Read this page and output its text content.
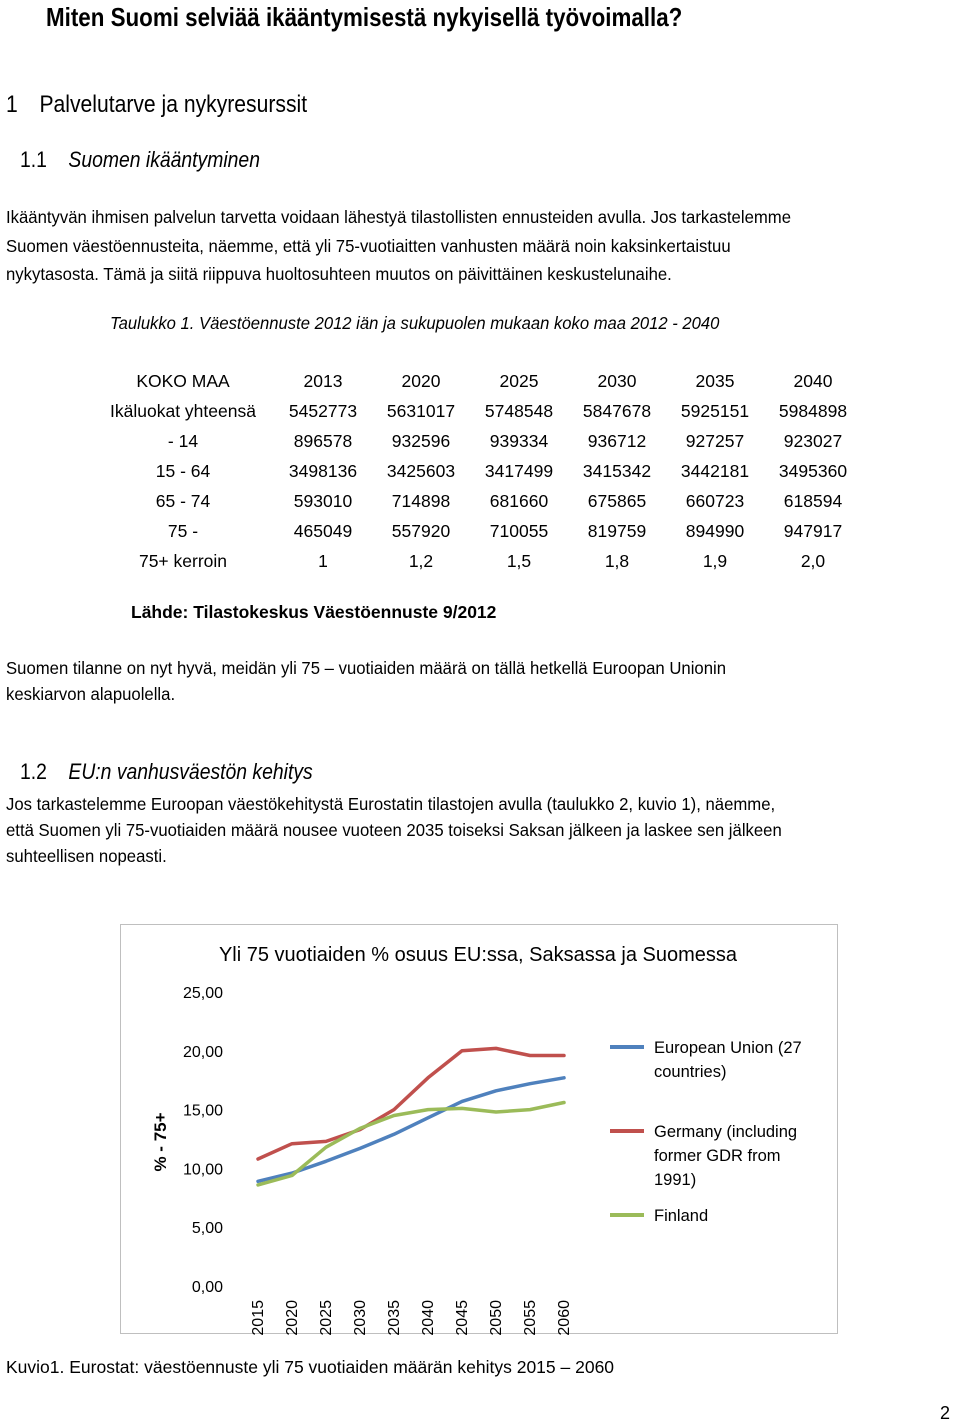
Miten Suomi selviää ikääntymisestä nykyisellä työvoimalla?
1 Palvelutarve ja nykyresurssit
1.1 Suomen ikääntyminen
Ikääntyvän ihmisen palvelun tarvetta voidaan lähestyä tilastollisten ennusteiden avulla. Jos tarkastelemme
Suomen väestöennusteita, näemme, että yli 75-vuotiaitten vanhusten määrä noin kaksinkertaistuu
nykytasosta. Tämä ja siitä riippuva huoltosuhteen muutos on päivittäinen keskustelunaihe.
Taulukko 1. Väestöennuste 2012 iän ja sukupuolen mukaan koko maa 2012 - 2040
KOKO MAA	2013	2020	2025	2030	2035	2040
Ikäluokat yhteensä	5452773	5631017	5748548	5847678	5925151	5984898
- 14	896578	932596	939334	936712	927257	923027
15 - 64	3498136	3425603	3417499	3415342	3442181	3495360
65 - 74	593010	714898	681660	675865	660723	618594
75 -	465049	557920	710055	819759	894990	947917
75+ kerroin	1	1,2	1,5	1,8	1,9	2,0
Lähde: Tilastokeskus Väestöennuste 9/2012
Suomen tilanne on nyt hyvä, meidän yli 75 – vuotiaiden määrä on tällä hetkellä Euroopan Unionin
keskiarvon alapuolella.
1.2 EU:n vanhusväestön kehitys
Jos tarkastelemme Euroopan väestökehitystä Eurostatin tilastojen avulla (taulukko 2, kuvio 1), näemme,
että Suomen yli 75-vuotiaiden määrä nousee vuoteen 2035 toiseksi Saksan jälkeen ja laskee sen jälkeen
suhteellisen nopeasti.
Yli 75 vuotiaiden % osuus EU:ssa, Saksassa ja Suomessa
% - 75+
25,00
20,00
15,00
10,00
5,00
0,00
2015 2020 2025 2030 2035 2040 2045 2050 2055 2060
European Union (27
countries)
Germany (including
former GDR from
1991)
Finland
Kuvio1. Eurostat: väestöennuste yli 75 vuotiaiden määrän kehitys 2015 – 2060
2
